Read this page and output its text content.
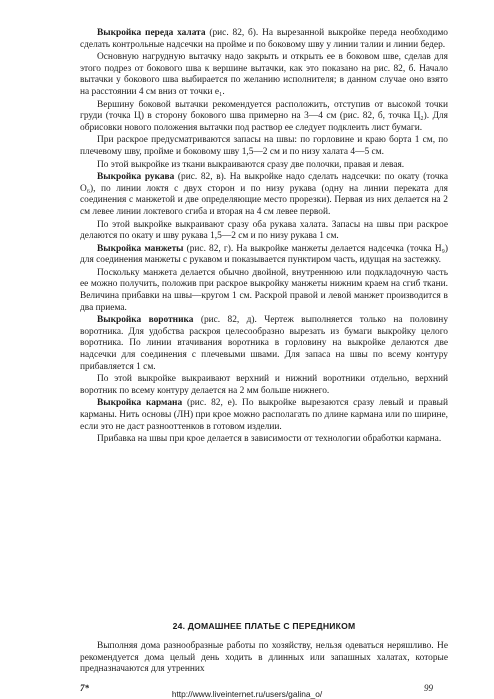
Выкройка переда халата (рис. 82, б). На вырезанной выкройке переда необходимо сделать контрольные надсечки на пройме и по боковому шву у линии талии и линии бедер.

Основную нагрудную вытачку надо закрыть и открыть ее в боковом шве, сделав для этого подрез от бокового шва к вершине вытачки, как это показано на рис. 82, б. Начало вытачки у бокового шва выбирается по желанию исполнителя; в данном случае оно взято на расстоянии 4 см вниз от точки е₁.

Вершину боковой вытачки рекомендуется расположить, отступив от высокой точки груди (точка Ц) в сторону бокового шва примерно на 3—4 см (рис. 82, б, точка Ц₂). Для обрисовки нового положения вытачки под раствор ее следует подклеить лист бумаги.

При раскрое предусматриваются запасы на швы: по горловине и краю борта 1 см, по плечевому шву, пройме и боковому шву 1,5—2 см и по низу халата 4—5 см.

По этой выкройке из ткани выкраиваются сразу две полочки, правая и левая.

Выкройка рукава (рис. 82, в). На выкройке надо сделать надсечки: по окату (точка О₆), по линии локтя с двух сторон и по низу рукава (одну на линии переката для соединения с манжетой и две определяющие место прорезки). Первая из них делается на 2 см левее линии локтевого сгиба и вторая на 4 см левее первой.

По этой выкройке выкраивают сразу оба рукава халата. Запасы на швы при раскрое делаются по окату и шву рукава 1,5—2 см и по низу рукава 1 см.

Выкройка манжеты (рис. 82, г). На выкройке манжеты делается надсечка (точка Н₉) для соединения манжеты с рукавом и показывается пунктиром часть, идущая на застежку.

Поскольку манжета делается обычно двойной, внутреннюю или подкладочную часть ее можно получить, положив при раскрое выкройку манжеты нижним краем на сгиб ткани. Величина прибавки на швы—кругом 1 см. Раскрой правой и левой манжет производится в два приема.

Выкройка воротника (рис. 82, д). Чертеж выполняется только на половину воротника. Для удобства раскроя целесообразно вырезать из бумаги выкройку целого воротника. По линии втачивания воротника в горловину на выкройке делаются две надсечки для соединения с плечевыми швами. Для запаса на швы по всему контуру прибавляется 1 см.

По этой выкройке выкраивают верхний и нижний воротники отдельно, верхний воротник по всему контуру делается на 2 мм больше нижнего.

Выкройка кармана (рис. 82, е). По выкройке вырезаются сразу левый и правый карманы. Нить основы (ЛН) при крое можно располагать по длине кармана или по ширине, если это не даст разнооттенков в готовом изделии.

Прибавка на швы при крое делается в зависимости от технологии обработки кармана.

24. ДОМАШНЕЕ ПЛАТЬЕ С ПЕРЕДНИКОМ

Выполняя дома разнообразные работы по хозяйству, нельзя одеваться неряшливо. Не рекомендуется дома целый день ходить в длинных или запашных халатах, которые предназначаются для утренних

7*	99
http://www.liveinternet.ru/users/galina_o/
